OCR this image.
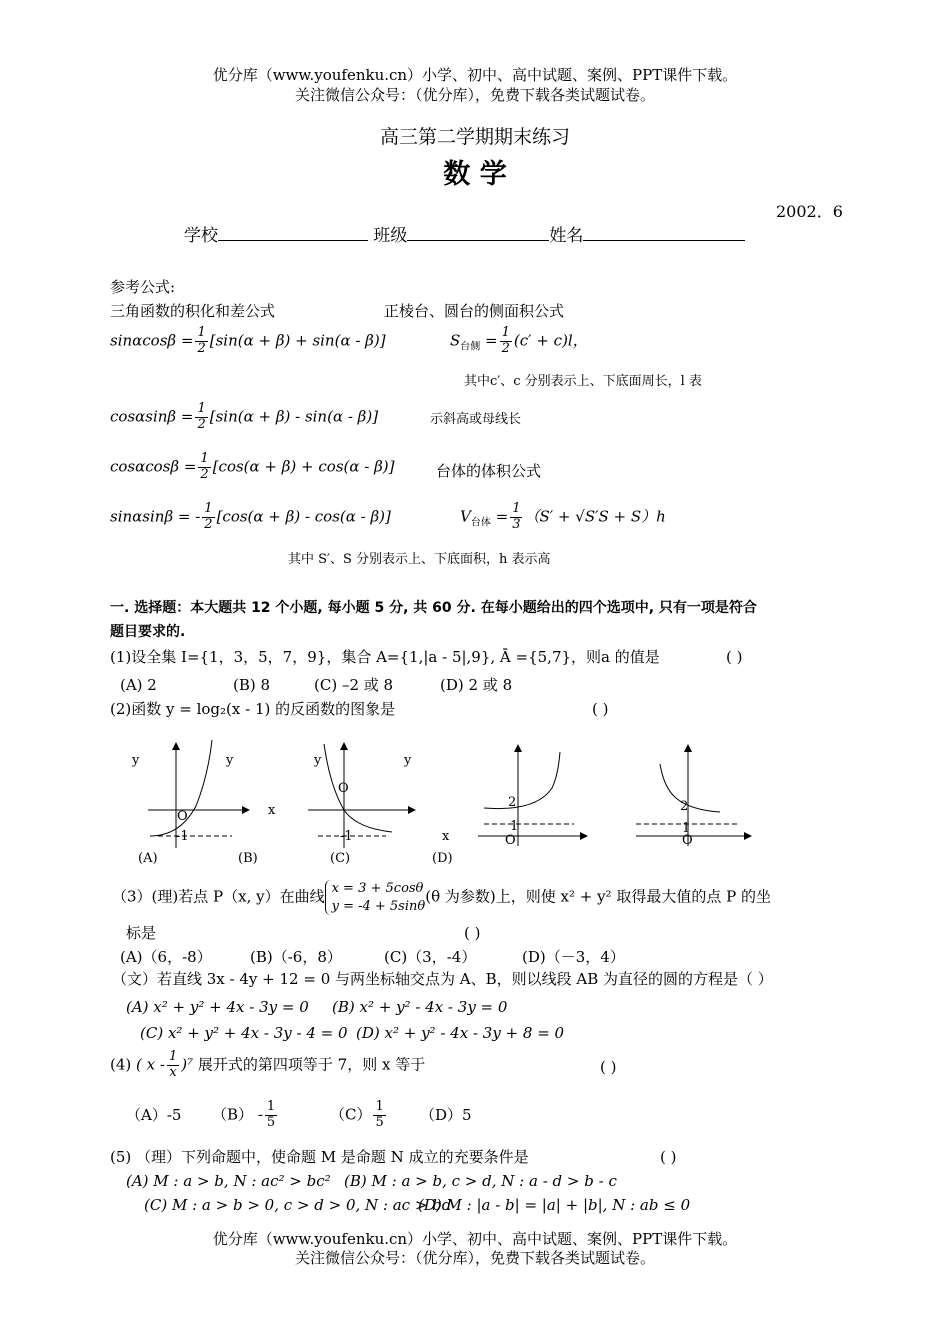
优分库（www.youfenku.cn）小学、初中、高中试题、案例、PPT课件下载。
关注微信公众号：（优分库），免费下载各类试题试卷。
高三第二学期期末练习
数 学
2002．6
学校	班级	姓名
参考公式:
三角函数的积化和差公式	正棱台、圆台的侧面积公式
$\sin\alpha\cos\beta = \frac{1}{2} [\sin(\alpha + \beta) + \sin(\alpha - \beta)]$	$S_{台侧} = \frac{1}{2} (c' + c)l$，
其中c′、c 分别表示上、下底面周长，l 表
$\cos\alpha\sin\beta = \frac{1}{2} [\sin(\alpha + \beta) - \sin(\alpha - \beta)]$	示斜高或母线长
$\cos\alpha\cos\beta = \frac{1}{2} [\cos(\alpha + \beta) + \cos(\alpha - \beta)]$	台体的体积公式
sinαsinβ = - $\frac{1}{2} [\cos(\alpha + \beta) - \cos(\alpha - \beta)]$	$V_{台体} = \frac{1}{3} (S' + √S'S + S)h$
其中 S′、S 分别表示上、下底面积，h 表示高
一. 选择题：本大题共 12 个小题, 每小题 5 分, 共 60 分. 在每小题给出的四个选项中, 只有一项是符合
题目要求的.
(1)设全集 I={1，3，5，7，9}，集合 A={1,|a - 5|,9}, Ā ={5,7}，则a 的值是	( )
(A) 2	(B) 8	(C) –2 或 8	(D) 2 或 8
(2)函数 y = log₂(x - 1) 的反函数的图象是	( )
y
O
-1
y
x
y
O
-1
y
x
2
1
O
2
1
O
(A)	(B)	(C)	(D)
（3）(理)若点 P（x, y）在曲线 x = 3 + 5cosθ
y = -4 + 5sinθ
(θ 为参数)上，则使 x² + y² 取得最大值的点 P 的坐
标是	( )
(A)（6，-8）	(B)（-6，8）	(C)（3，-4）	(D)（－3，4）
（文）若直线 3x - 4y + 12 = 0 与两坐标轴交点为 A、B，则以线段 AB 为直径的圆的方程是（ ）
(A) x² + y² + 4x - 3y = 0 (B) x² + y² - 4x - 3y = 0
(C) x² + y² + 4x - 3y - 4 = 0 (D) x² + y² - 4x - 3y + 8 = 0
(4) ( x - $\frac{1}{x} )^7$ 展开式的第四项等于 7，则 x 等于	( )
（A）-5 $(B) - \frac{1}{5}$	$(C) \frac{1}{5} (D)5$
(5) （理）下列命题中，使命题 M 是命题 N 成立的充要条件是	( )
(A) M : a > b, N : ac² > bc² (B) M : a > b, c > d, N : a - d > b - c
(C) M : a > b > 0, c > d > 0, N : ac > bd
(D) M : |a - b| = |a| + |b|, N : ab ≤ 0
优分库（www.youfenku.cn）小学、初中、高中试题、案例、PPT课件下载。
关注微信公众号：（优分库），免费下载各类试题试卷。
